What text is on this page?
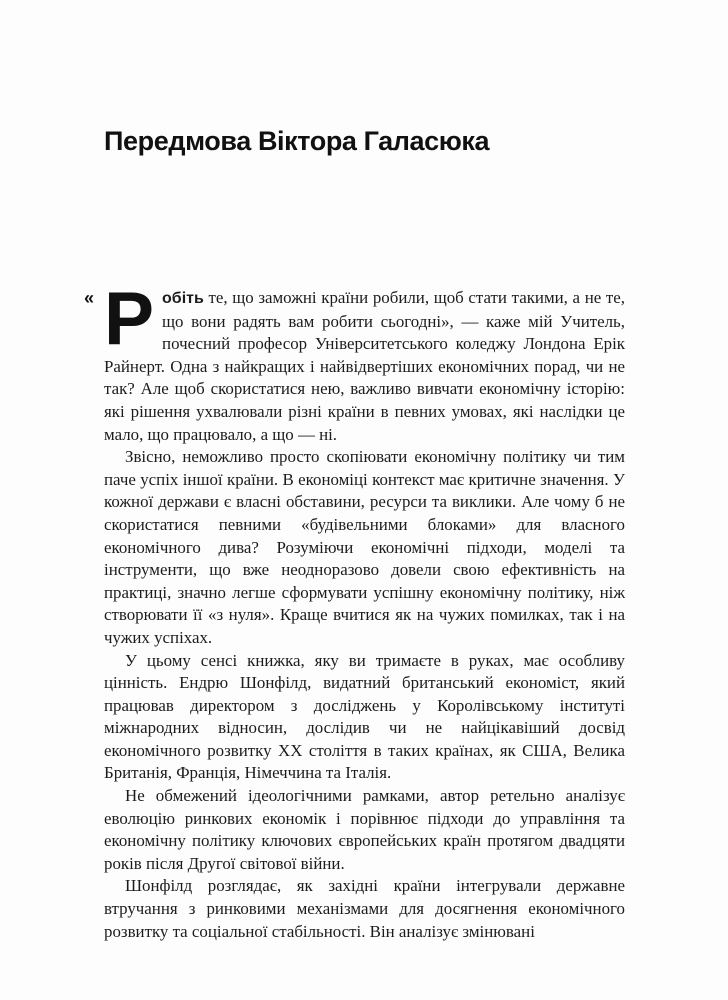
Передмова Віктора Галасюка
« Робіть те, що заможні країни робили, щоб стати такими, а не те, що вони радять вам робити сьогодні», — каже мій Учитель, почесний професор Університетського коледжу Лондона Ерік Райнерт. Одна з найкращих і найвідвертіших економічних порад, чи не так? Але щоб скористатися нею, важливо вивчати економічну історію: які рішення ухвалювали різні країни в певних умовах, які наслідки це мало, що працювало, а що — ні.

Звісно, неможливо просто скопіювати економічну політику чи тим паче успіх іншої країни. В економіці контекст має критичне значення. У кожної держави є власні обставини, ресурси та виклики. Але чому б не скористатися певними «будівельними блоками» для власного економічного дива? Розуміючи економічні підходи, моделі та інструменти, що вже неодноразово довели свою ефективність на практиці, значно легше сформувати успішну економічну політику, ніж створювати її «з нуля». Краще вчитися як на чужих помилках, так і на чужих успіхах.

У цьому сенсі книжка, яку ви тримаєте в руках, має особливу цінність. Ендрю Шонфілд, видатний британський економіст, який працював директором з досліджень у Королівському інституті міжнародних відносин, дослідив чи не найцікавіший досвід економічного розвитку XX століття в таких країнах, як США, Велика Британія, Франція, Німеччина та Італія.

Не обмежений ідеологічними рамками, автор ретельно аналізує еволюцію ринкових економік і порівнює підходи до управління та економічну політику ключових європейських країн протягом двадцяти років після Другої світової війни.

Шонфілд розглядає, як західні країни інтегрували державне втручання з ринковими механізмами для досягнення економічного розвитку та соціальної стабільності. Він аналізує змінювані
